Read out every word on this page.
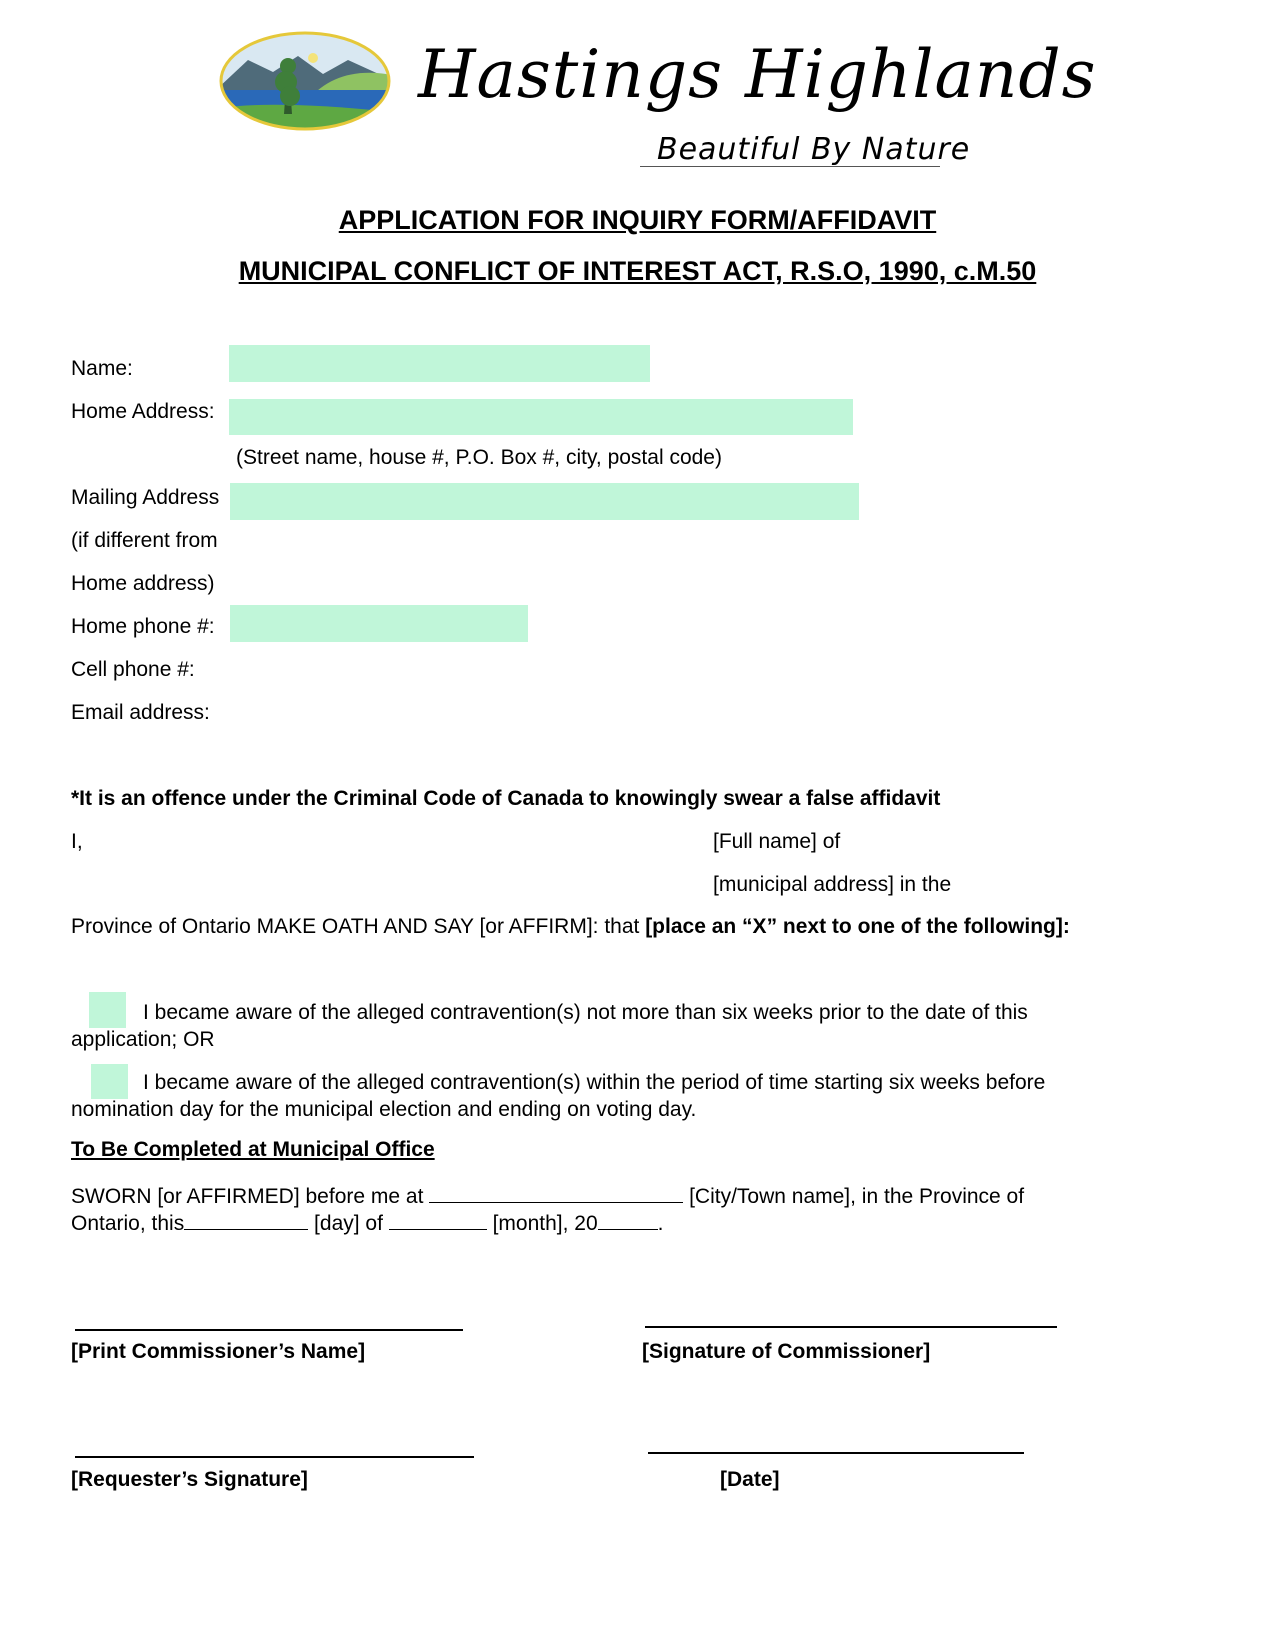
Hastings Highlands
Beautiful By Nature
APPLICATION FOR INQUIRY FORM/AFFIDAVIT
MUNICIPAL CONFLICT OF INTEREST ACT, R.S.O, 1990, c.M.50
Name:
Home Address:
(Street name, house #, P.O. Box #, city, postal code)
Mailing Address
(if different from
Home address)
Home phone #:
Cell phone #:
Email address:
*It is an offence under the Criminal Code of Canada to knowingly swear a false affidavit
I,	[Full name] of
[municipal address] in the
Province of Ontario MAKE OATH AND SAY [or AFFIRM]: that [place an “X” next to one of the following]:
I became aware of the alleged contravention(s) not more than six weeks prior to the date of this
application; OR
I became aware of the alleged contravention(s) within the period of time starting six weeks before
nomination day for the municipal election and ending on voting day.
To Be Completed at Municipal Office
SWORN [or AFFIRMED] before me at	[City/Town name], in the Province of
Ontario, this	[day] of	[month], 20	.
[Print Commissioner’s Name]	[Signature of Commissioner]
[Requester’s Signature]	[Date]
